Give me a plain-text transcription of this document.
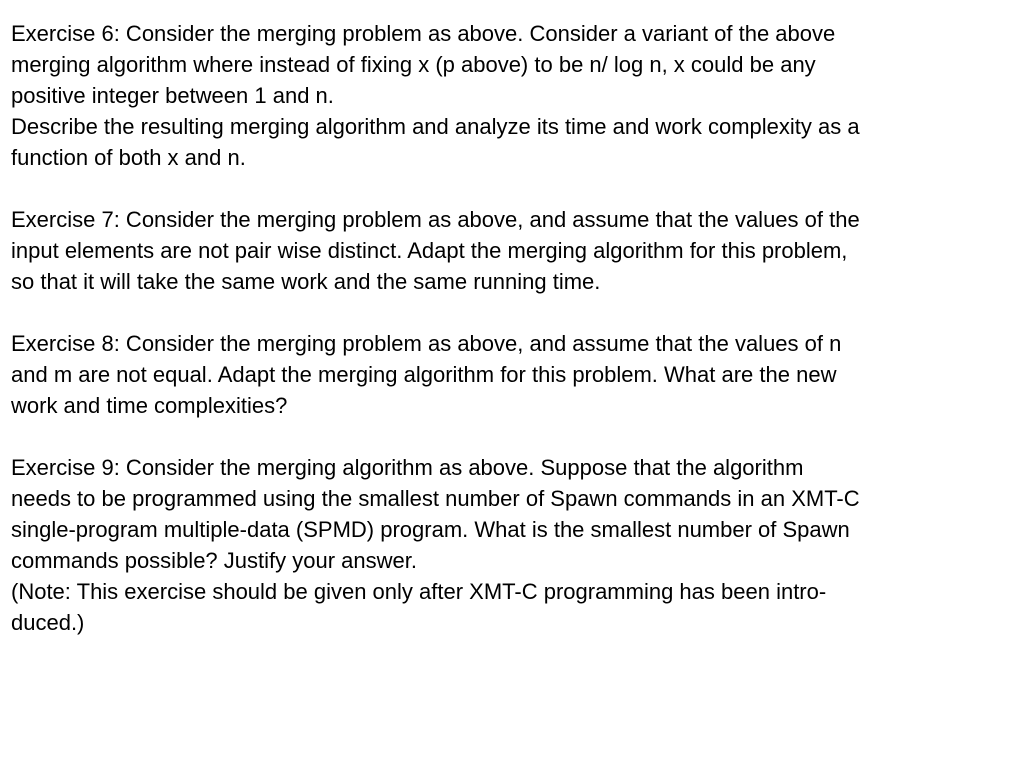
Exercise 6: Consider the merging problem as above. Consider a variant of the above
merging algorithm where instead of fixing x (p above) to be n/ log n, x could be any
positive integer between 1 and n.
Describe the resulting merging algorithm and analyze its time and work complexity as a
function of both x and n.
Exercise 7: Consider the merging problem as above, and assume that the values of the
input elements are not pair wise distinct. Adapt the merging algorithm for this problem,
so that it will take the same work and the same running time.
Exercise 8: Consider the merging problem as above, and assume that the values of n
and m are not equal. Adapt the merging algorithm for this problem. What are the new
work and time complexities?
Exercise 9: Consider the merging algorithm as above. Suppose that the algorithm
needs to be programmed using the smallest number of Spawn commands in an XMT-C
single-program multiple-data (SPMD) program. What is the smallest number of Spawn
commands possible? Justify your answer.
(Note: This exercise should be given only after XMT-C programming has been intro-
duced.)
